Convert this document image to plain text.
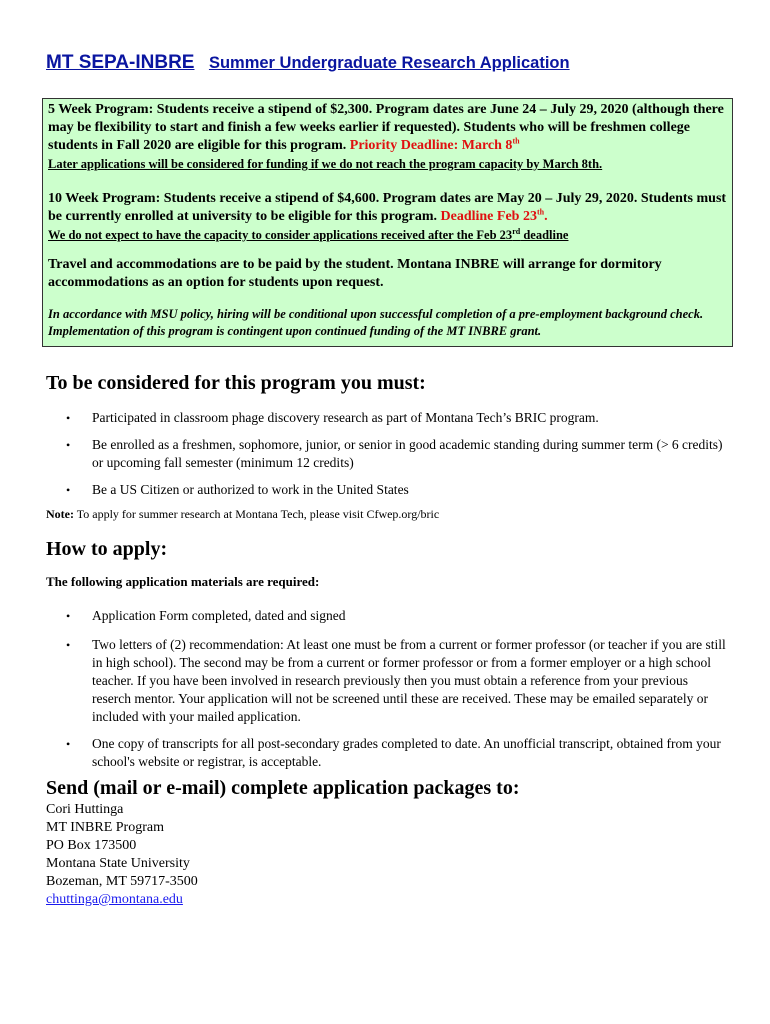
MT SEPA-INBRE Summer Undergraduate Research Application

5 Week Program: Students receive a stipend of $2,300. Program dates are June 24 – July 29, 2020 (although there may be flexibility to start and finish a few weeks earlier if requested). Students who will be freshmen college students in Fall 2020 are eligible for this program. Priority Deadline: March 8th

Later applications will be considered for funding if we do not reach the program capacity by March 8th.

10 Week Program: Students receive a stipend of $4,600. Program dates are May 20 – July 29, 2020. Students must be currently enrolled at university to be eligible for this program. Deadline Feb 23th.

We do not expect to have the capacity to consider applications received after the Feb 23rd deadline

Travel and accommodations are to be paid by the student. Montana INBRE will arrange for dormitory accommodations as an option for students upon request.

In accordance with MSU policy, hiring will be conditional upon successful completion of a pre-employment background check. Implementation of this program is contingent upon continued funding of the MT INBRE grant.

To be considered for this program you must:
• Participated in classroom phage discovery research as part of Montana Tech’s BRIC program.
• Be enrolled as a freshmen, sophomore, junior, or senior in good academic standing during summer term (> 6 credits) or upcoming fall semester (minimum 12 credits)
• Be a US Citizen or authorized to work in the United States
Note: To apply for summer research at Montana Tech, please visit Cfwep.org/bric
How to apply:
The following application materials are required:
• Application Form completed, dated and signed
• Two letters of (2) recommendation: At least one must be from a current or former professor (or teacher if you are still in high school). The second may be from a current or former professor or from a former employer or a high school teacher. If you have been involved in research previously then you must obtain a reference from your previous reserch mentor. Your application will not be screened until these are received. These may be emailed separately or included with your mailed application.
• One copy of transcripts for all post-secondary grades completed to date. An unofficial transcript, obtained from your school's website or registrar, is acceptable.
Send (mail or e-mail) complete application packages to:
Cori Huttinga
MT INBRE Program
PO Box 173500
Montana State University
Bozeman, MT 59717-3500
chuttinga@montana.edu
